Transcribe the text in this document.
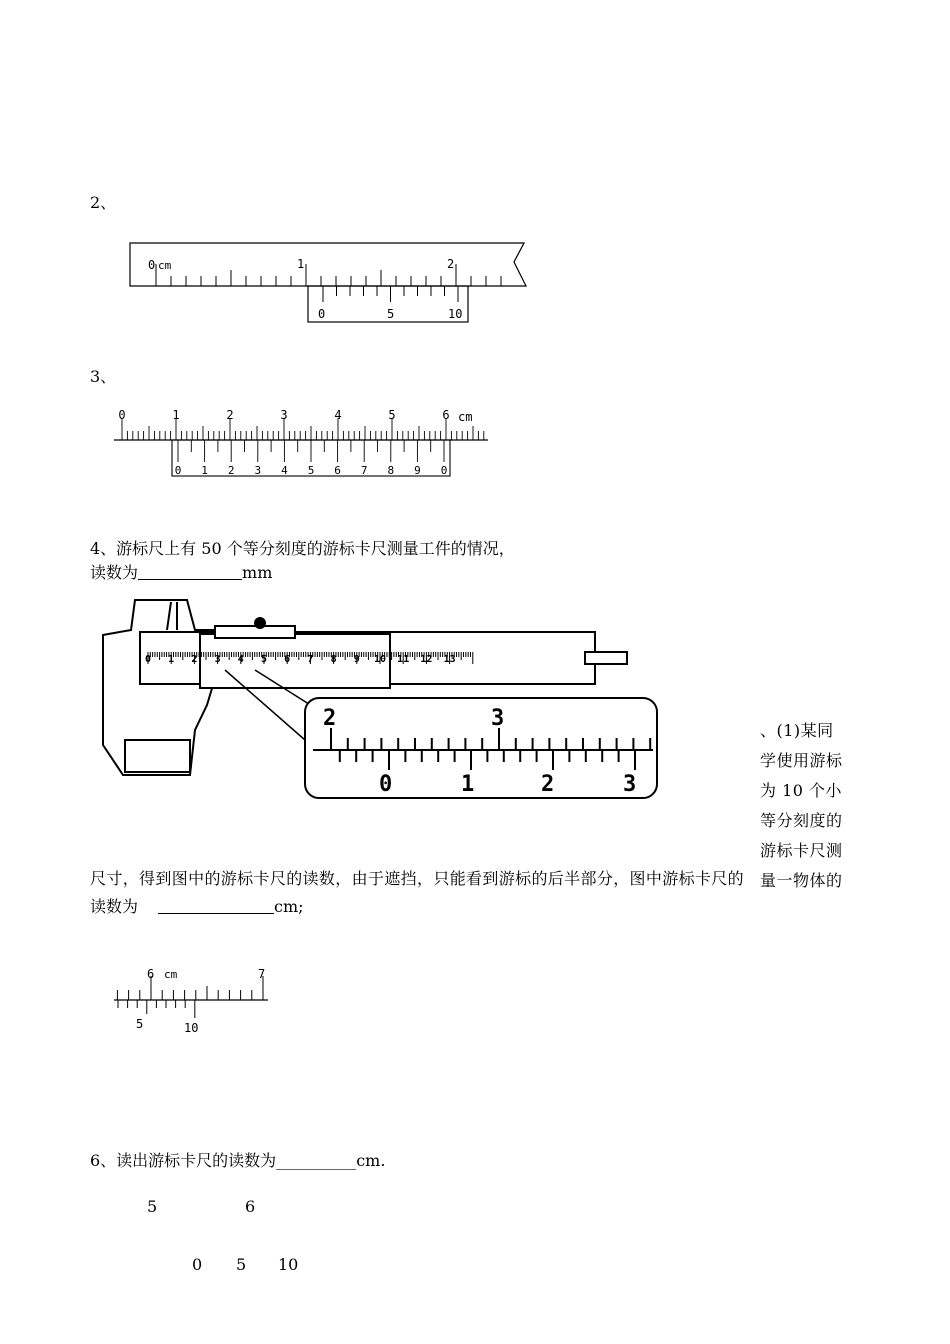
2、
0 cm	1	2
0	5	10
3、
0	1	2	3	4	5	6 cm
0 1 2 3 4 5 6 7 8 9 0
4、游标尺上有 50 个等分刻度的游标卡尺测量工件的情况，
读数为	mm
0 1 2 3 4 5 6 7 8 9 10 11 12 13
2	3
0	1	2	3
、(1)某同
学使用游标
为 10 个小
等分刻度的
游标卡尺测
量一物体的
尺寸，得到图中的游标卡尺的读数，由于遮挡，只能看到游标的后半部分，图中游标卡尺的
读数为	cm;
6 cm	7
5	10
6、读出游标卡尺的读数为__________cm.
5	6
0 5 10
